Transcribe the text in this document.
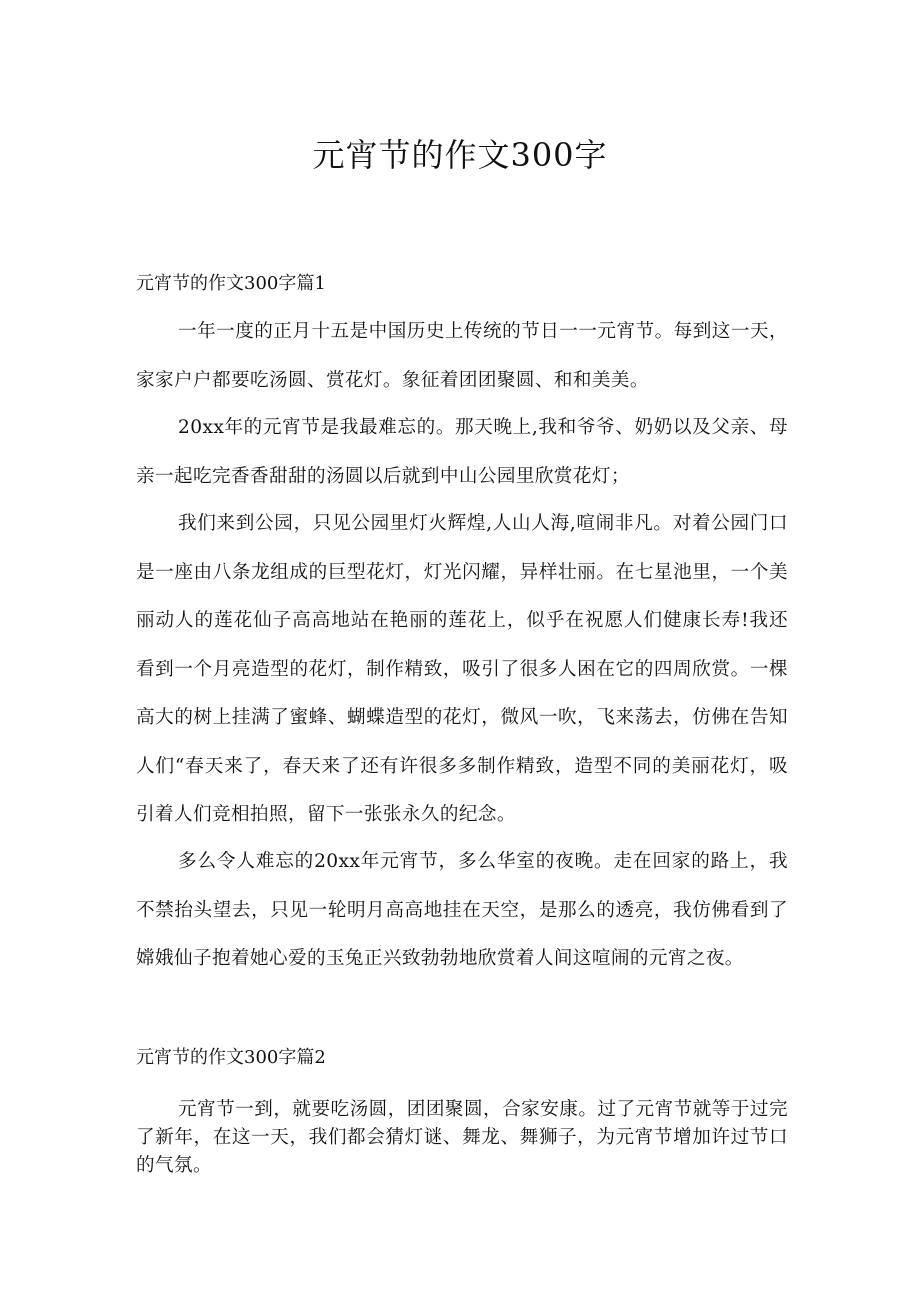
元宵节的作文300字
元宵节的作文300字篇1

一年一度的正月十五是中国历史上传统的节日一一元宵节。每到这一天，家家户户都要吃汤圆、赏花灯。象征着团团聚圆、和和美美。

20xx年的元宵节是我最难忘的。那天晚上,我和爷爷、奶奶以及父亲、母亲一起吃完香香甜甜的汤圆以后就到中山公园里欣赏花灯；

我们来到公园，只见公园里灯火辉煌,人山人海,喧闹非凡。对着公园门口是一座由八条龙组成的巨型花灯，灯光闪耀，异样壮丽。在七星池里，一个美丽动人的莲花仙子高高地站在艳丽的莲花上，似乎在祝愿人们健康长寿!我还看到一个月亮造型的花灯，制作精致，吸引了很多人困在它的四周欣赏。一棵高大的树上挂满了蜜蜂、蝴蝶造型的花灯，微风一吹，飞来荡去，仿佛在告知人们“春天来了，春天来了还有许很多多制作精致，造型不同的美丽花灯，吸引着人们竞相拍照，留下一张张永久的纪念。

多么令人难忘的20xx年元宵节，多么华室的夜晚。走在回家的路上，我不禁抬头望去，只见一轮明月高高地挂在天空，是那么的透亮，我仿佛看到了嫦娥仙子抱着她心爱的玉兔正兴致勃勃地欣赏着人间这喧闹的元宵之夜。

元宵节的作文300字篇2

元宵节一到，就要吃汤圆，团团聚圆，合家安康。过了元宵节就等于过完了新年，在这一天，我们都会猜灯谜、舞龙、舞狮子，为元宵节增加许过节口的气氛。
